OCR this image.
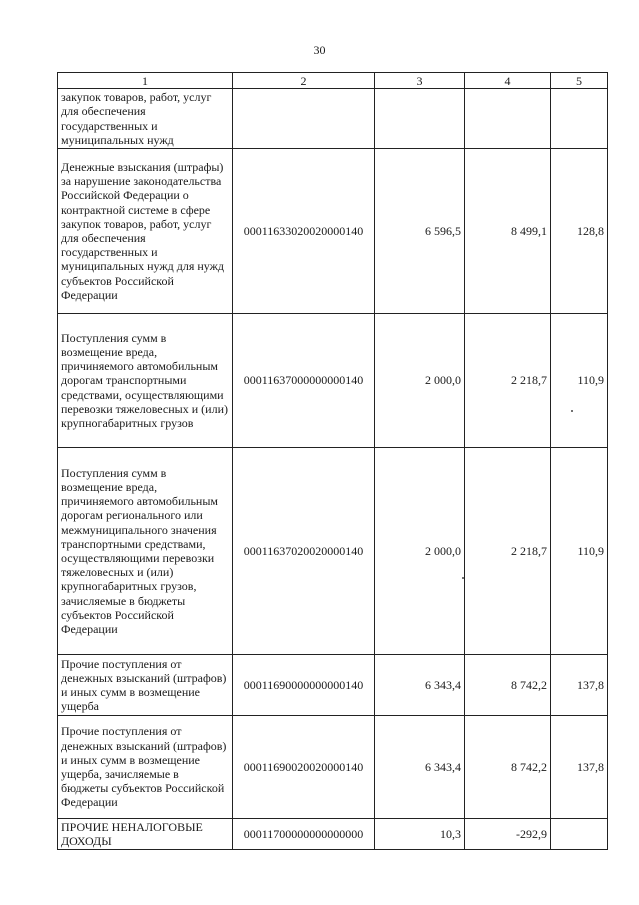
30
1	2	3	4	5
закупок товаров, работ, услуг для обеспечения государственных и муниципальных нужд				
Денежные взыскания (штрафы) за нарушение законодательства Российской Федерации о контрактной системе в сфере закупок товаров, работ, услуг для обеспечения государственных и муниципальных нужд для нужд субъектов Российской Федерации	00011633020020000140	6 596,5	8 499,1	128,8
Поступления сумм в возмещение вреда, причиняемого автомобильным дорогам транспортными средствами, осуществляющими перевозки тяжеловесных и (или) крупногабаритных грузов	00011637000000000140	2 000,0	2 218,7	110,9
Поступления сумм в возмещение вреда, причиняемого автомобильным дорогам регионального или межмуниципального значения транспортными средствами, осуществляющими перевозки тяжеловесных и (или) крупногабаритных грузов, зачисляемые в бюджеты субъектов Российской Федерации	00011637020020000140	2 000,0	2 218,7	110,9
Прочие поступления от денежных взысканий (штрафов) и иных сумм в возмещение ущерба	00011690000000000140	6 343,4	8 742,2	137,8
Прочие поступления от денежных взысканий (штрафов) и иных сумм в возмещение ущерба, зачисляемые в бюджеты субъектов Российской Федерации	00011690020020000140	6 343,4	8 742,2	137,8
ПРОЧИЕ НЕНАЛОГОВЫЕ ДОХОДЫ	00011700000000000000	10,3	-292,9	
